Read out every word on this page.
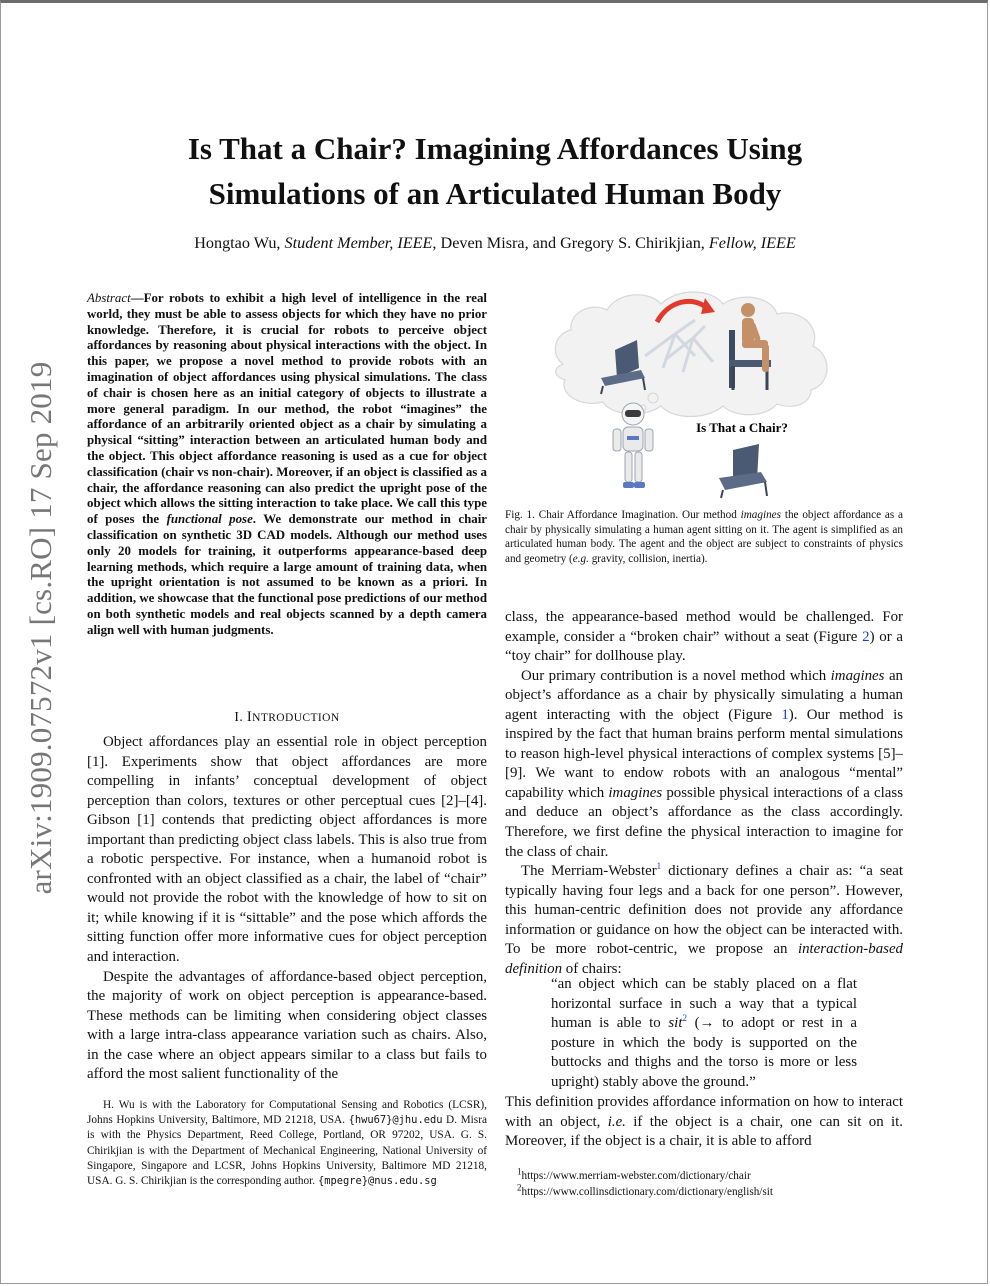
Is That a Chair? Imagining Affordances Using
Simulations of an Articulated Human Body
Hongtao Wu, Student Member, IEEE, Deven Misra, and Gregory S. Chirikjian, Fellow, IEEE
arXiv:1909.07572v1 [cs.RO] 17 Sep 2019
Abstract—For robots to exhibit a high level of intelligence in the real world, they must be able to assess objects for which they have no prior knowledge. Therefore, it is crucial for robots to perceive object affordances by reasoning about physical interactions with the object. In this paper, we propose a novel method to provide robots with an imagination of object affordances using physical simulations. The class of chair is chosen here as an initial category of objects to illustrate a more general paradigm. In our method, the robot “imagines” the affordance of an arbitrarily oriented object as a chair by simulating a physical “sitting” interaction between an articulated human body and the object. This object affordance reasoning is used as a cue for object classification (chair vs non-chair). Moreover, if an object is classified as a chair, the affordance reasoning can also predict the upright pose of the object which allows the sitting interaction to take place. We call this type of poses the functional pose. We demonstrate our method in chair classification on synthetic 3D CAD models. Although our method uses only 20 models for training, it outperforms appearance-based deep learning methods, which require a large amount of training data, when the upright orientation is not assumed to be known as a priori. In addition, we showcase that the functional pose predictions of our method on both synthetic models and real objects scanned by a depth camera align well with human judgments.
I. INTRODUCTION

Object affordances play an essential role in object perception [1]. Experiments show that object affordances are more compelling in infants’ conceptual development of object perception than colors, textures or other perceptual cues [2]–[4]. Gibson [1] contends that predicting object affordances is more important than predicting object class labels. This is also true from a robotic perspective. For instance, when a humanoid robot is confronted with an object classified as a chair, the label of “chair” would not provide the robot with the knowledge of how to sit on it; while knowing if it is “sittable” and the pose which affords the sitting function offer more informative cues for object perception and interaction.

Despite the advantages of affordance-based object perception, the majority of work on object perception is appearance-based. These methods can be limiting when considering object classes with a large intra-class appearance variation such as chairs. Also, in the case where an object appears similar to a class but fails to afford the most salient functionality of the

H. Wu is with the Laboratory for Computational Sensing and Robotics (LCSR), Johns Hopkins University, Baltimore, MD 21218, USA. {hwu67}@jhu.edu D. Misra is with the Physics Department, Reed College, Portland, OR 97202, USA. G. S. Chirikjian is with the Department of Mechanical Engineering, National University of Singapore, Singapore and LCSR, Johns Hopkins University, Baltimore MD 21218, USA. G. S. Chirikjian is the corresponding author. {mpegre}@nus.edu.sg
Is That a Chair?
Fig. 1. Chair Affordance Imagination. Our method imagines the object affordance as a chair by physically simulating a human agent sitting on it. The agent is simplified as an articulated human body. The agent and the object are subject to constraints of physics and geometry (e.g. gravity, collision, inertia).

class, the appearance-based method would be challenged. For example, consider a “broken chair” without a seat (Figure 2) or a “toy chair” for dollhouse play.

Our primary contribution is a novel method which imagines an object’s affordance as a chair by physically simulating a human agent interacting with the object (Figure 1). Our method is inspired by the fact that human brains perform mental simulations to reason high-level physical interactions of complex systems [5]–[9]. We want to endow robots with an analogous “mental” capability which imagines possible physical interactions of a class and deduce an object’s affordance as the class accordingly. Therefore, we first define the physical interaction to imagine for the class of chair.

The Merriam-Webster$^1$ dictionary defines a chair as: “a seat typically having four legs and a back for one person”. However, this human-centric definition does not provide any affordance information or guidance on how the object can be interacted with. To be more robot-centric, we propose an interaction-based definition of chairs:

“an object which can be stably placed on a flat horizontal surface in such a way that a typical human is able to sit$^2$ (→ to adopt or rest in a posture in which the body is supported on the buttocks and thighs and the torso is more or less upright) stably above the ground.”

This definition provides affordance information on how to interact with an object, i.e. if the object is a chair, one can sit on it. Moreover, if the object is a chair, it is able to afford

$^1$https://www.merriam-webster.com/dictionary/chair
$^2$https://www.collinsdictionary.com/dictionary/english/sit
